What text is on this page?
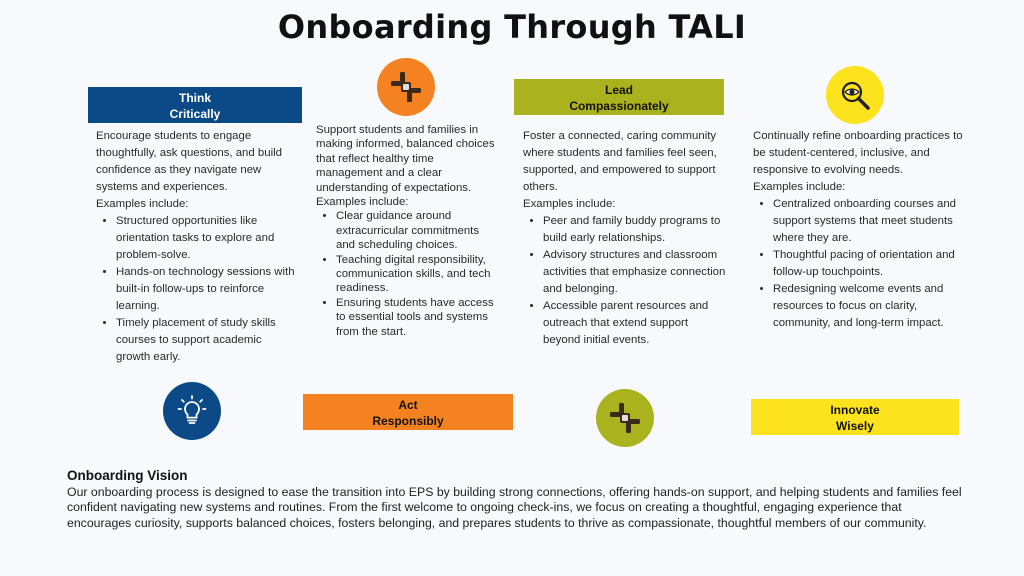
Onboarding Through TALI
Think
Critically

Encourage students to engage thoughtfully, ask questions, and build confidence as they navigate new systems and experiences.

Examples include:

• Structured opportunities like orientation tasks to explore and problem-solve.
• Hands-on technology sessions with built-in follow-ups to reinforce learning.
• Timely placement of study skills courses to support academic growth early.

Support students and families in making informed, balanced choices that reflect healthy time management and a clear understanding of expectations.

Examples include:

• Clear guidance around extracurricular commitments and scheduling choices.
• Teaching digital responsibility, communication skills, and tech readiness.
• Ensuring students have access to essential tools and systems from the start.
Act
Responsibly
Lead
Compassionately

Foster a connected, caring community where students and families feel seen, supported, and empowered to support others.

Examples include:

• Peer and family buddy programs to build early relationships.
• Advisory structures and classroom activities that emphasize connection and belonging.
• Accessible parent resources and outreach that extend support beyond initial events.

Continually refine onboarding practices to be student-centered, inclusive, and responsive to evolving needs.

Examples include:

• Centralized onboarding courses and support systems that meet students where they are.
• Thoughtful pacing of orientation and follow-up touchpoints.
• Redesigning welcome events and resources to focus on clarity, community, and long-term impact.
Innovate
Wisely
Onboarding Vision

Our onboarding process is designed to ease the transition into EPS by building strong connections, offering hands-on support, and helping students and families feel confident navigating new systems and routines. From the first welcome to ongoing check-ins, we focus on creating a thoughtful, engaging experience that encourages curiosity, supports balanced choices, fosters belonging, and prepares students to thrive as compassionate, thoughtful members of our community.
